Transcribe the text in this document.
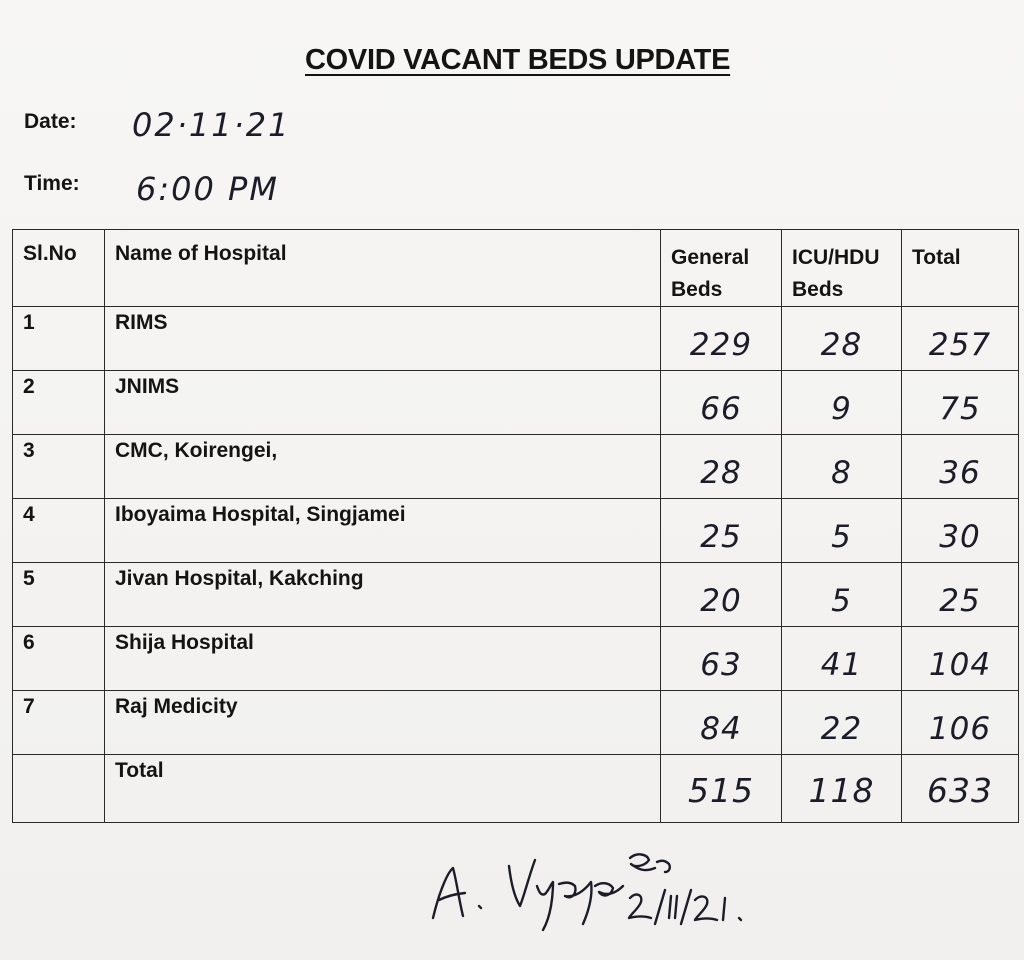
COVID VACANT BEDS UPDATE
Date: 02·11·21
Time: 6:00 PM
Sl.No	Name of Hospital	General Beds	ICU/HDU Beds	Total

1	RIMS	229	28	257

2	JNIMS	66	9	75

3	CMC, Koirengei,	28	8	36

4	Iboyaima Hospital, Singjamei	25	5	30

5	Jivan Hospital, Kakching	20	5	25

6	Shija Hospital	63	41	104

7	Raj Medicity	84	22	106

	Total	515	118	633
